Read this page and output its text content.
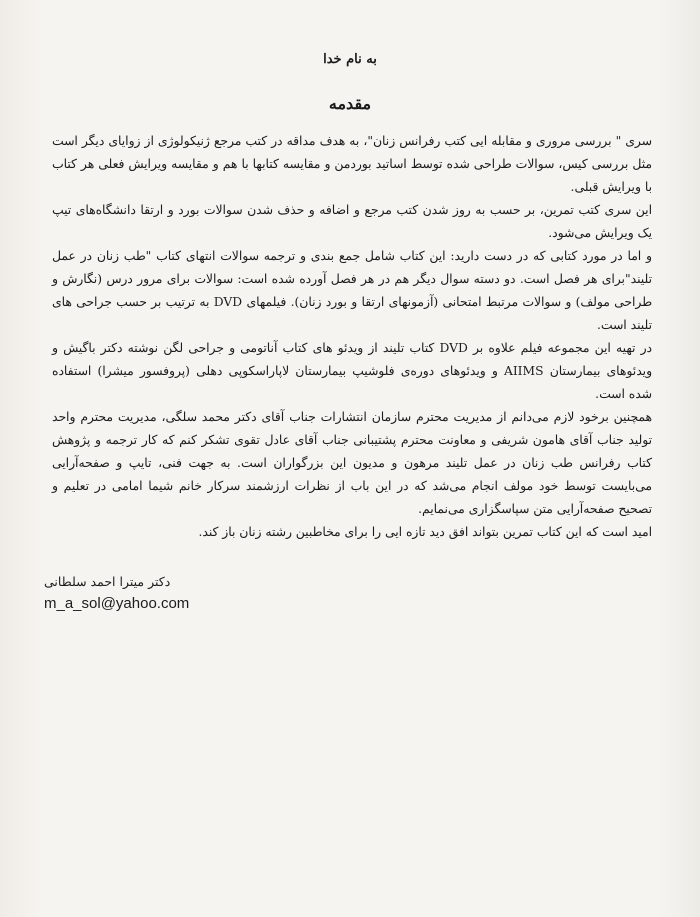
به نام خدا
مقدمه

سری " بررسی مروری و مقابله ایی کتب رفرانس زنان"، به هدف مداقه در کتب مرجع ژنیکولوژی از زوایای دیگر است مثل بررسی کیس، سوالات طراحی شده توسط اساتید بوردمن و مقایسه کتابها با هم و مقایسه ویرایش فعلی هر کتاب با ویرایش قبلی.

این سری کتب تمرین، بر حسب به روز شدن کتب مرجع و اضافه و حذف شدن سوالات بورد و ارتقا دانشگاه‌های تیپ یک ویرایش می‌شود.

و اما در مورد کتابی که در دست دارید: این کتاب شامل جمع بندی و ترجمه سوالات انتهای کتاب "طب زنان در عمل تلیند"برای هر فصل است. دو دسته سوال دیگر هم در هر فصل آورده شده است: سوالات برای مرور درس (نگارش و طراحی مولف) و سوالات مرتبط امتحانی (آزمونهای ارتقا و بورد زنان). فیلمهای DVD به ترتیب بر حسب جراحی های تلیند است.

در تهیه این مجموعه فیلم علاوه بر DVD کتاب تلیند از ویدئو های کتاب آناتومی و جراحی لگن نوشته دکتر باگیش و ویدئوهای بیمارستان AIIMS و ویدئوهای دوره‌ی فلوشیپ بیمارستان لاپاراسکوپی دهلی (پروفسور میشرا) استفاده شده است.

همچنین برخود لازم می‌دانم از مدیریت محترم سازمان انتشارات جناب آقای دکتر محمد سلگی، مدیریت محترم واحد تولید جناب آقای هامون شریفی و معاونت محترم پشتیبانی جناب آقای عادل تقوی تشکر کنم که کار ترجمه و پژوهش کتاب رفرانس طب زنان در عمل تلیند مرهون و مدیون این بزرگواران است. به جهت فنی، تایپ و صفحه‌آرایی می‌بایست توسط خود مولف انجام می‌شد که در این باب از نظرات ارزشمند سرکار خانم شیما امامی در تعلیم و تصحیح صفحه‌آرایی متن سپاسگزاری می‌نمایم.

امید است که این کتاب تمرین بتواند افق دید تازه ایی را برای مخاطبین رشته زنان باز کند.

دکتر میترا احمد سلطانی
m_a_sol@yahoo.com
